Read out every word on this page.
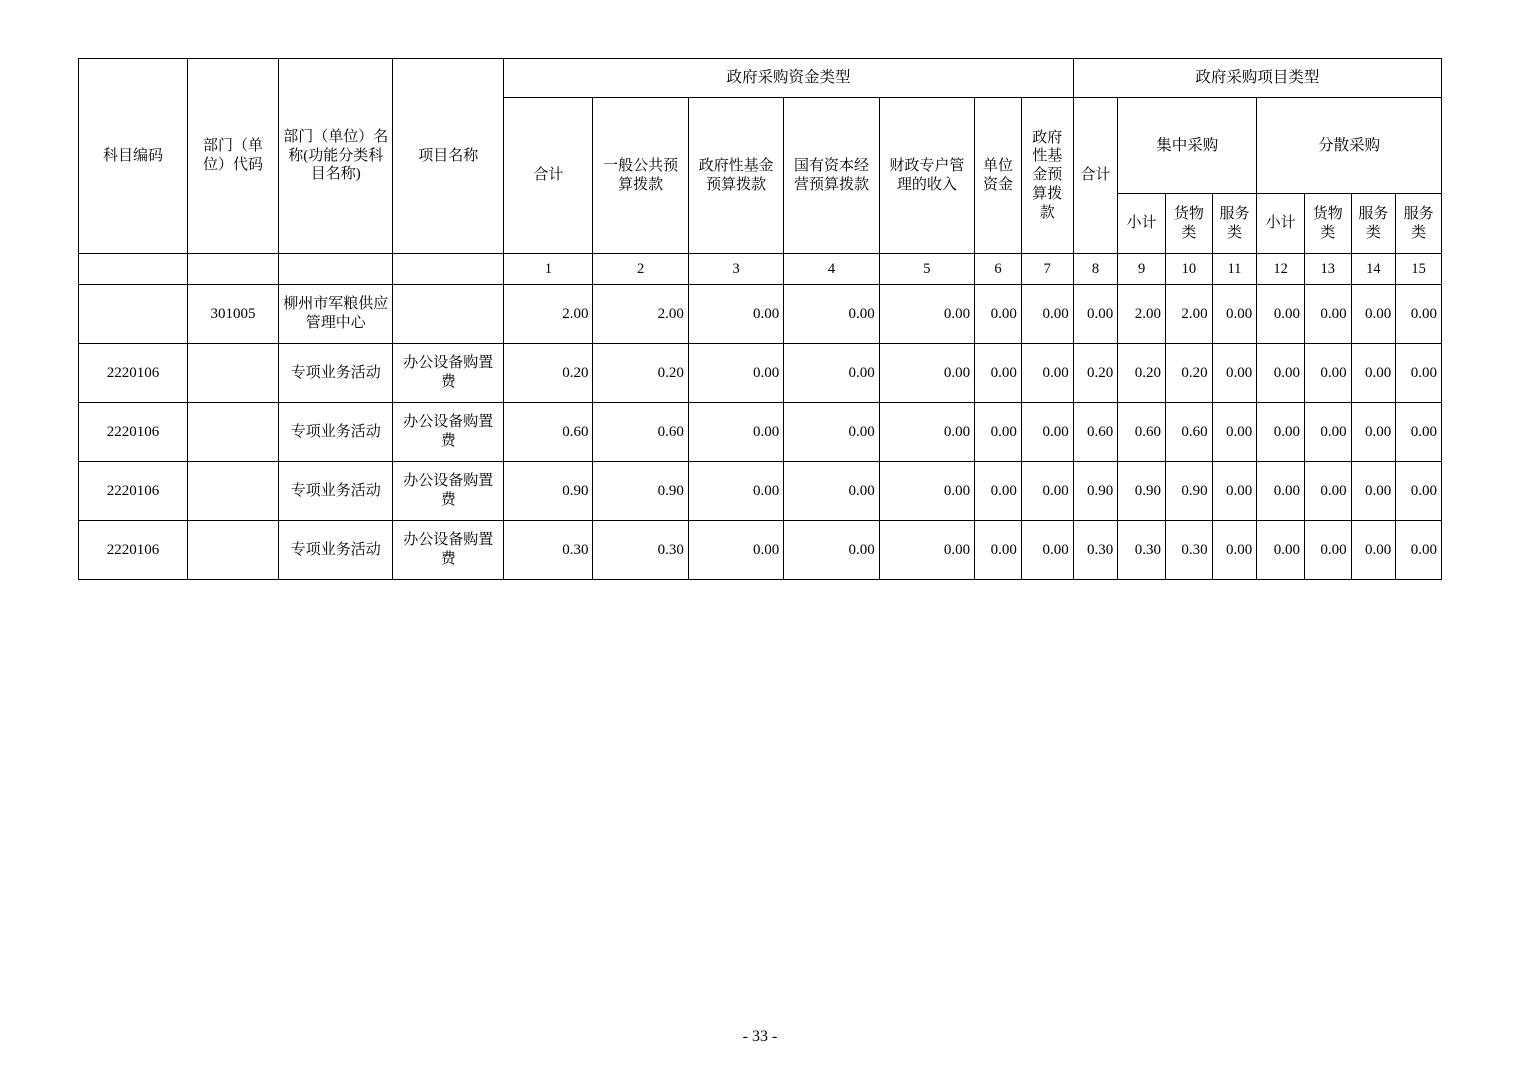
科目编码	部门（单位）代码	部门（单位）名称(功能分类科目名称)	项目名称	政府采购资金类型							政府采购项目类型							
				合计	一般公共预算拨款	政府性基金预算拨款	国有资本经营预算拨款	财政专户管理的收入	单位资金	政府性基金预算拨款	合计	集中采购			分散采购			
												小计	货物类	服务类	小计	货物类	服务类	服务类
				1	2	3	4	5	6	7	8	9	10	11	12	13	14	15
	301005	柳州市军粮供应管理中心		2.00	2.00	0.00	0.00	0.00	0.00	0.00	0.00	2.00	2.00	0.00	0.00	0.00	0.00	0.00
2220106		专项业务活动	办公设备购置费	0.20	0.20	0.00	0.00	0.00	0.00	0.00	0.20	0.20	0.20	0.00	0.00	0.00	0.00	0.00
2220106		专项业务活动	办公设备购置费	0.60	0.60	0.00	0.00	0.00	0.00	0.00	0.60	0.60	0.60	0.00	0.00	0.00	0.00	0.00
2220106		专项业务活动	办公设备购置费	0.90	0.90	0.00	0.00	0.00	0.00	0.00	0.90	0.90	0.90	0.00	0.00	0.00	0.00	0.00
2220106		专项业务活动	办公设备购置费	0.30	0.30	0.00	0.00	0.00	0.00	0.00	0.30	0.30	0.30	0.00	0.00	0.00	0.00	0.00
- 33 -
